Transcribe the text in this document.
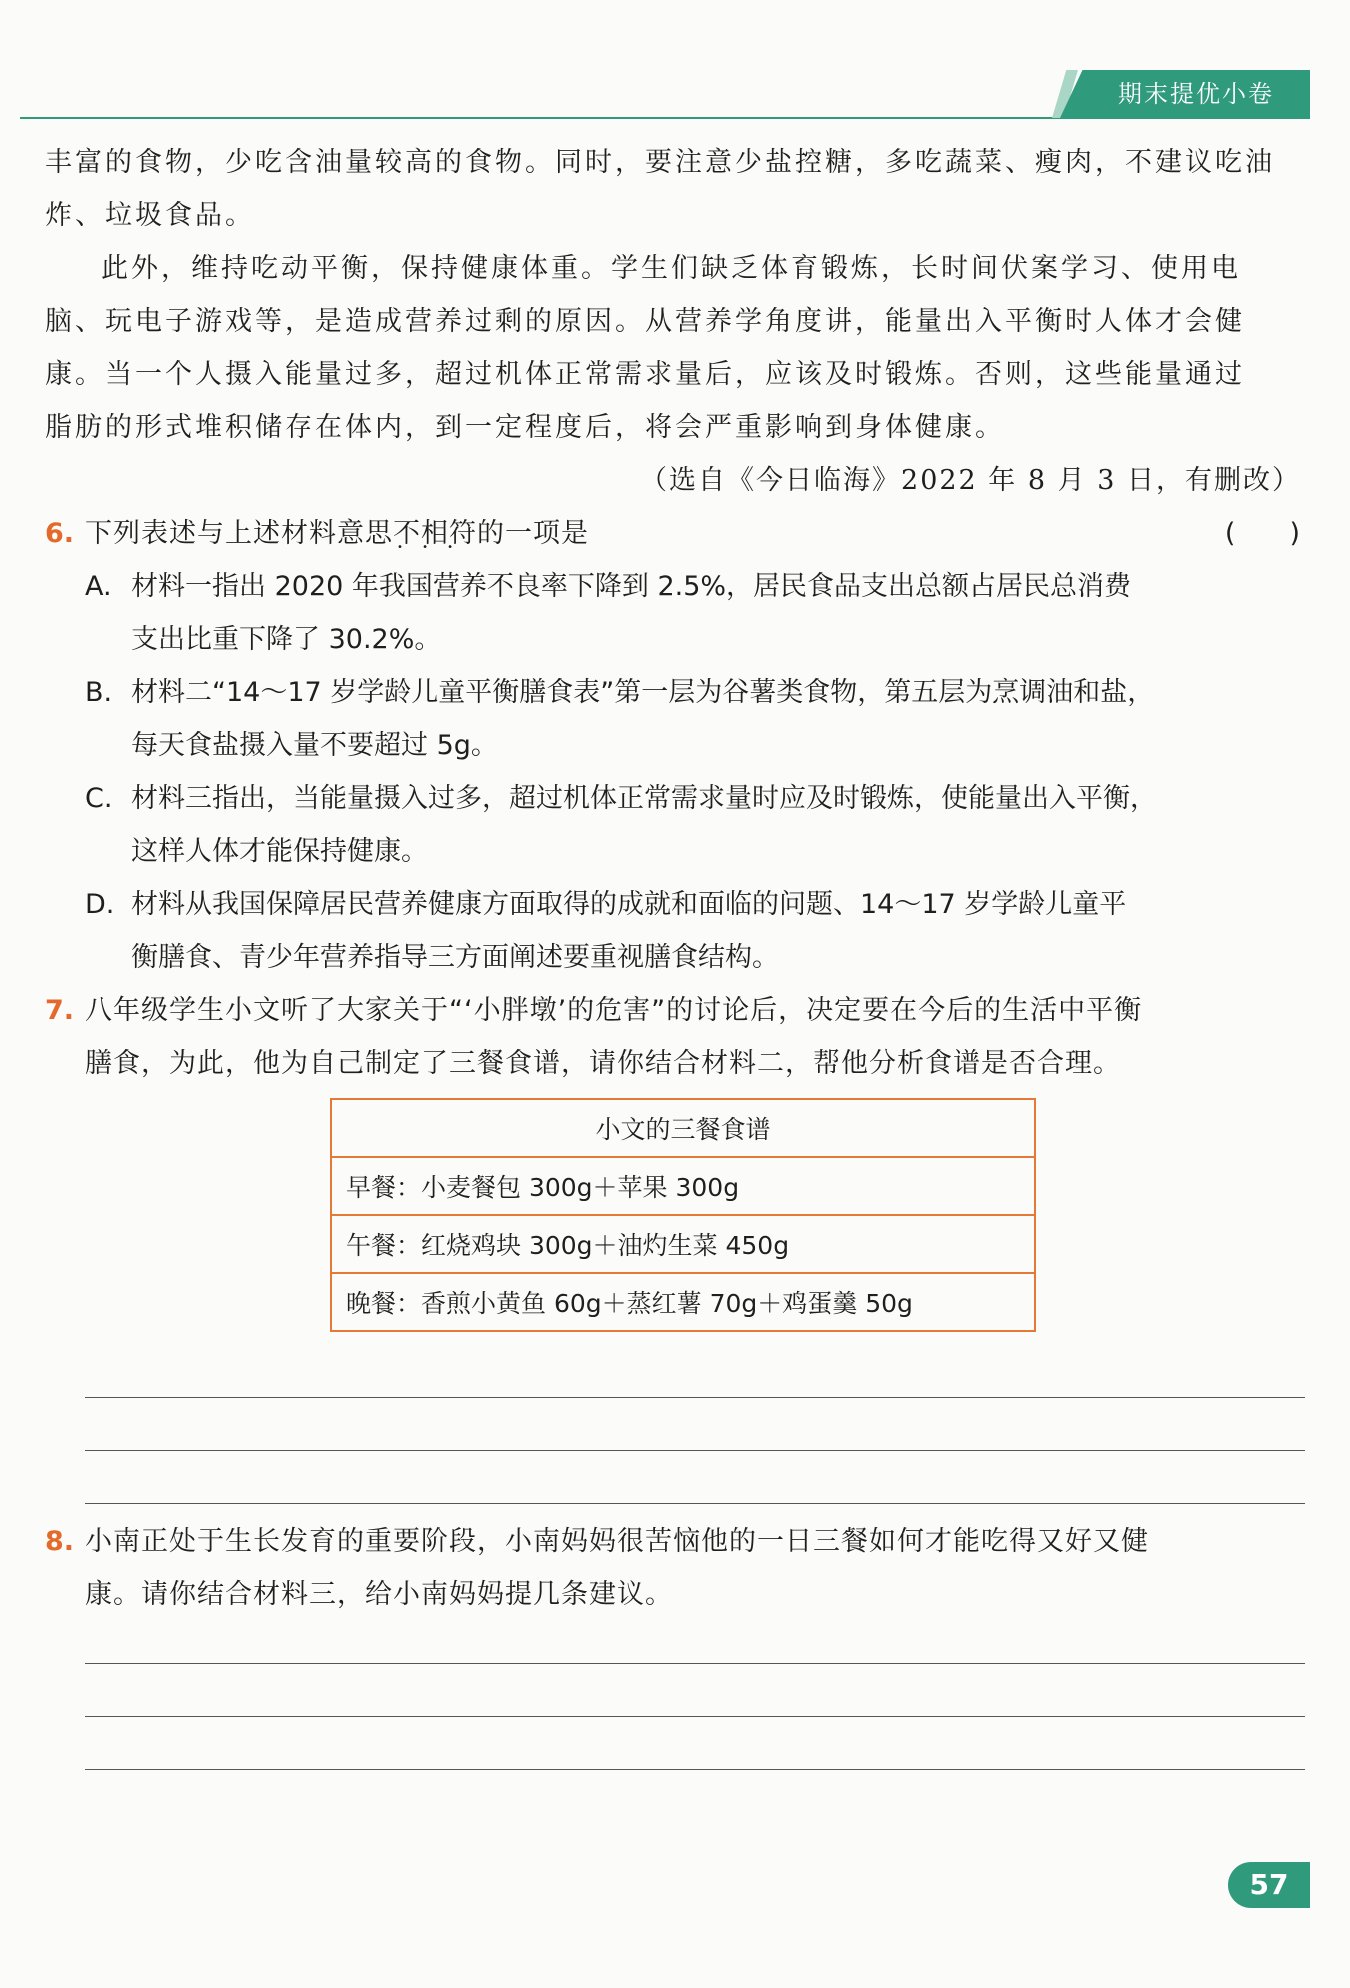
期末提优小卷
丰富的食物，少吃含油量较高的食物。同时，要注意少盐控糖，多吃蔬菜、瘦肉，不建议吃油
炸、垃圾食品。
此外，维持吃动平衡，保持健康体重。学生们缺乏体育锻炼，长时间伏案学习、使用电
脑、玩电子游戏等，是造成营养过剩的原因。从营养学角度讲，能量出入平衡时人体才会健
康。当一个人摄入能量过多，超过机体正常需求量后，应该及时锻炼。否则，这些能量通过
脂肪的形式堆积储存在体内，到一定程度后，将会严重影响到身体健康。
（选自《今日临海》2022 年 8 月 3 日，有删改）
6. 下列表述与上述材料意思不相符 • • •的一项是	(　　)
A. 材料一指出 2020 年我国营养不良率下降到 2.5%，居民食品支出总额占居民总消费
支出比重下降了 30.2%。
B. 材料二“14～17 岁学龄儿童平衡膳食表”第一层为谷薯类食物，第五层为烹调油和盐，
每天食盐摄入量不要超过 5g。
C. 材料三指出，当能量摄入过多，超过机体正常需求量时应及时锻炼，使能量出入平衡，
这样人体才能保持健康。
D. 材料从我国保障居民营养健康方面取得的成就和面临的问题、14～17 岁学龄儿童平
衡膳食、青少年营养指导三方面阐述要重视膳食结构。
7. 八年级学生小文听了大家关于“‘小胖墩’的危害”的讨论后，决定要在今后的生活中平衡
膳食，为此，他为自己制定了三餐食谱，请你结合材料二，帮他分析食谱是否合理。
小文的三餐食谱
早餐：小麦餐包 300g＋苹果 300g
午餐：红烧鸡块 300g＋油灼生菜 450g
晚餐：香煎小黄鱼 60g＋蒸红薯 70g＋鸡蛋羹 50g
8. 小南正处于生长发育的重要阶段，小南妈妈很苦恼他的一日三餐如何才能吃得又好又健
康。请你结合材料三，给小南妈妈提几条建议。
57
